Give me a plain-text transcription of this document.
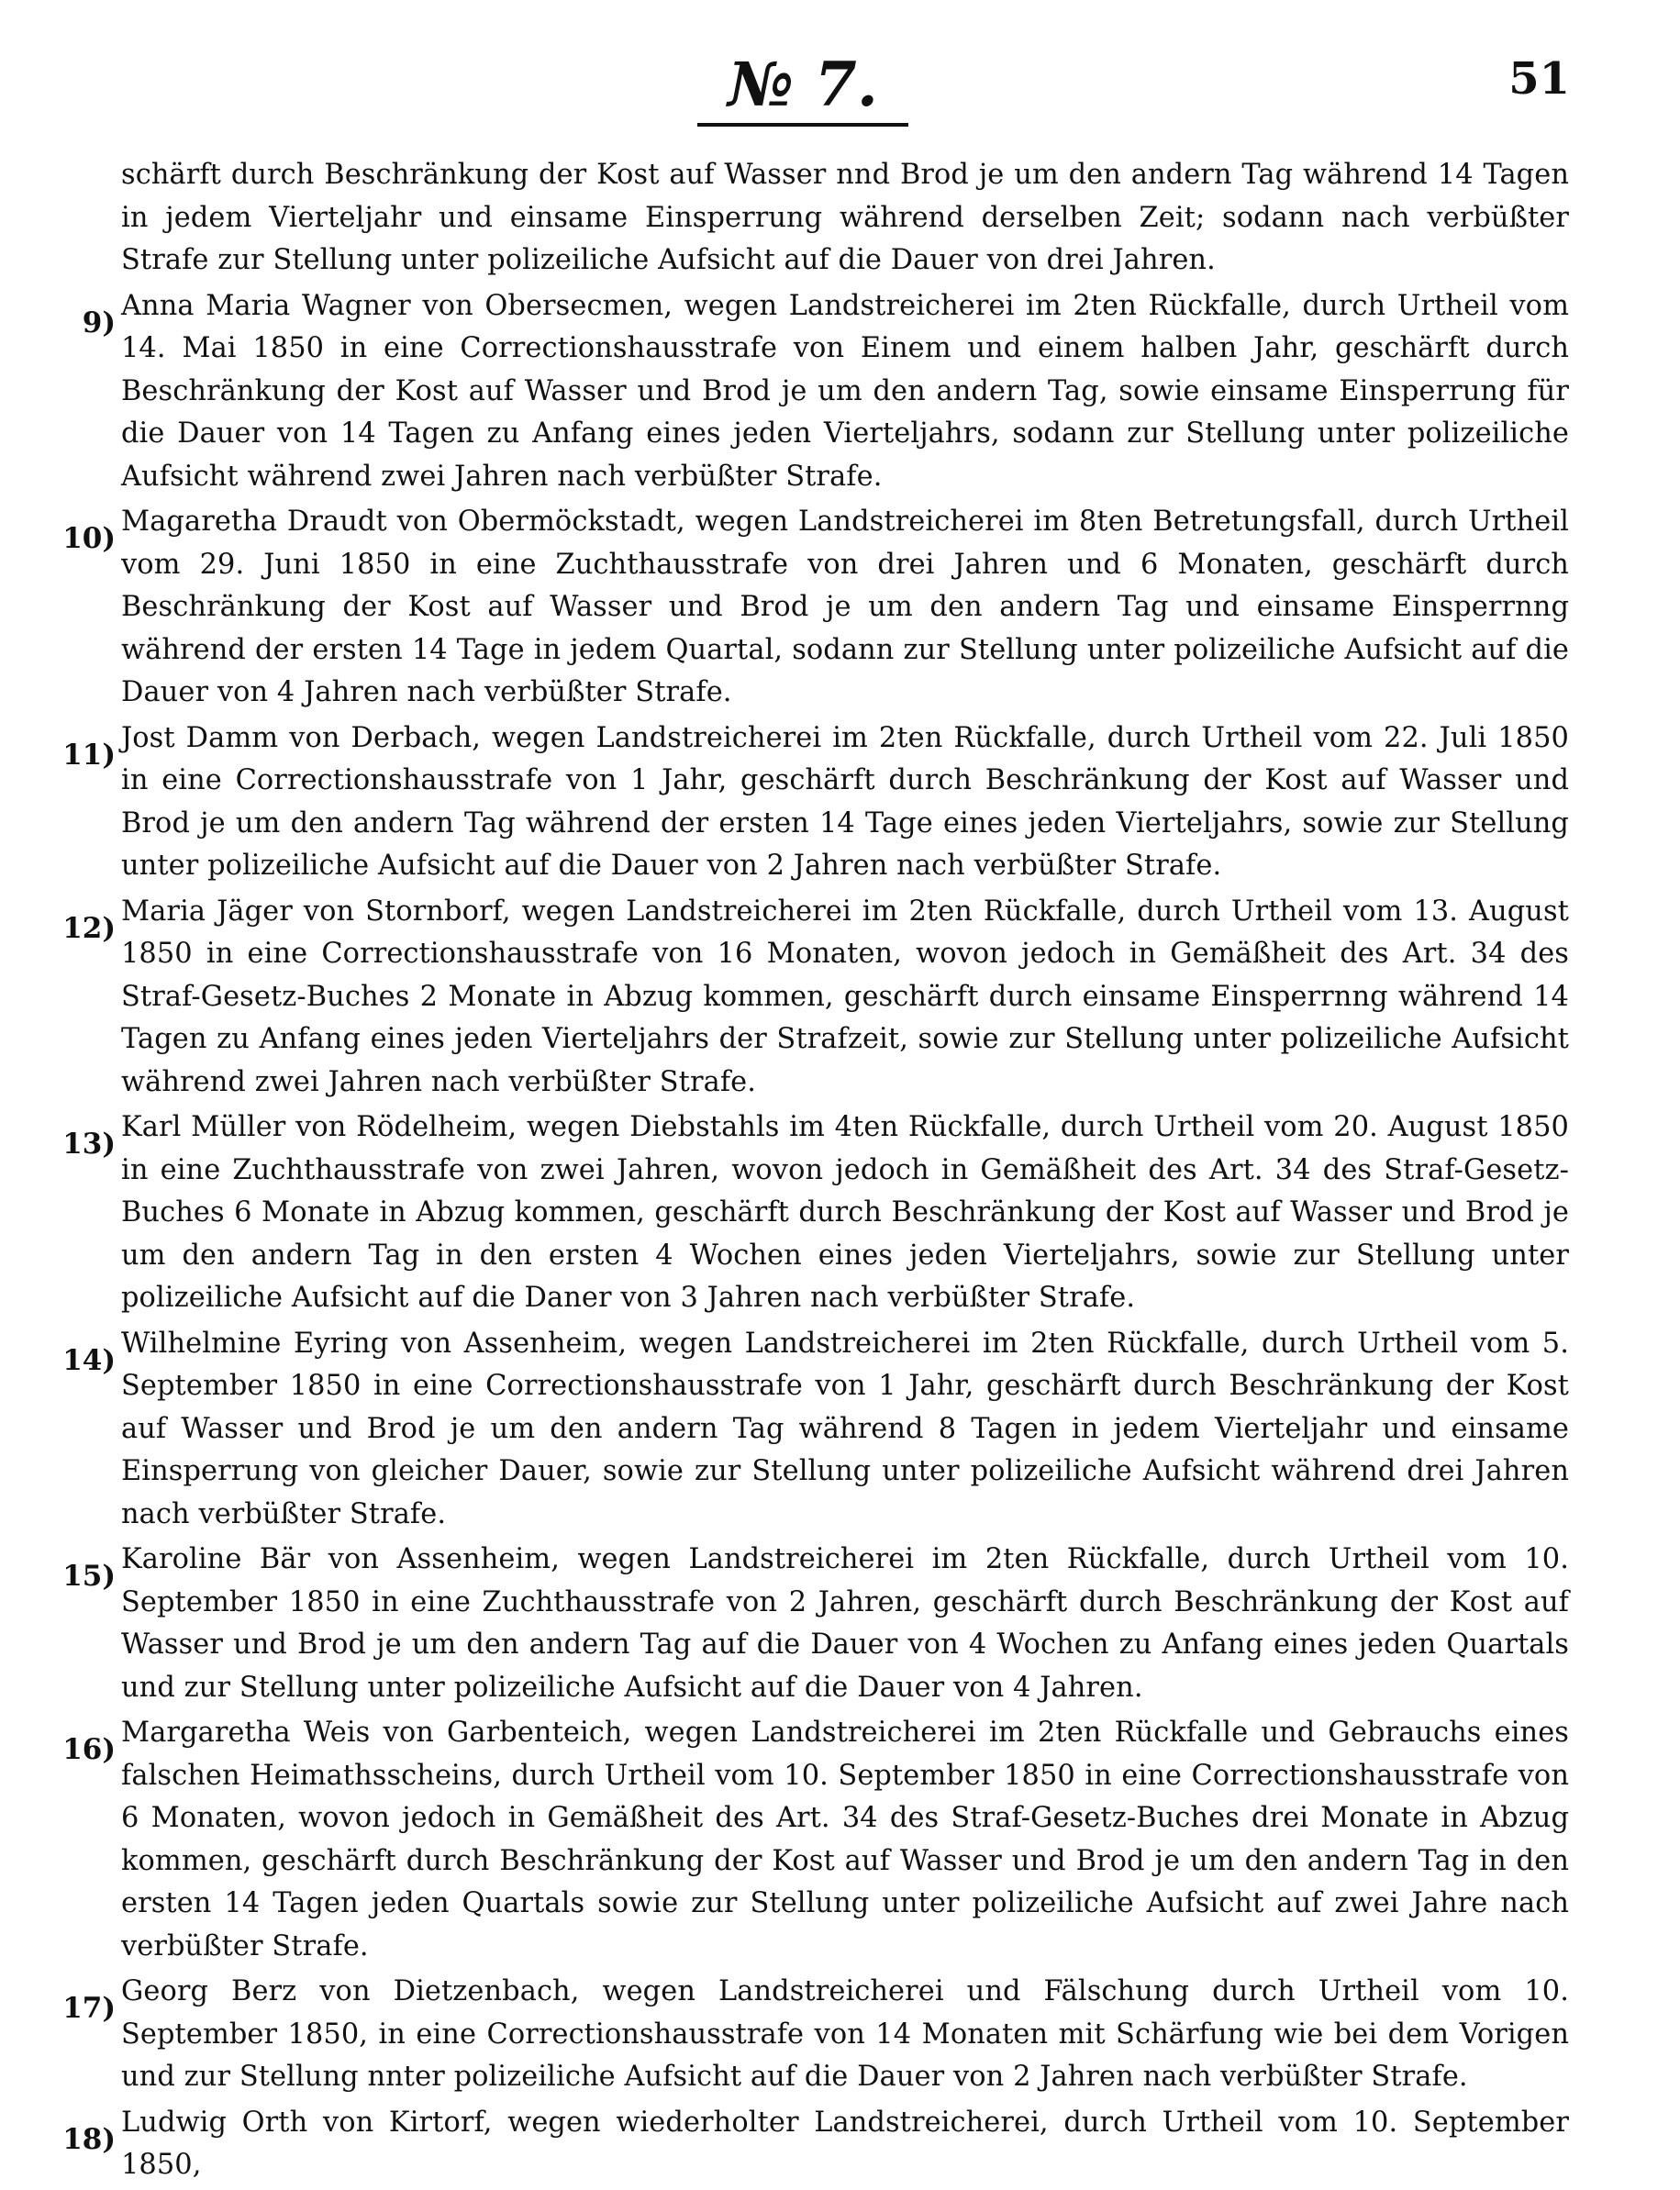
№ 7.	51
schärft durch Beschränkung der Kost auf Wasser nnd Brod je um den andern Tag während 14 Tagen in jedem Vierteljahr und einsame Einsperrung während derselben Zeit; sodann nach verbüßter Strafe zur Stellung unter polizeiliche Aufsicht auf die Dauer von drei Jahren.
9)
Anna Maria Wagner von Obersecmen, wegen Landstreicherei im 2ten Rückfalle, durch Urtheil vom 14. Mai 1850 in eine Correctionshausstrafe von Einem und einem halben Jahr, geschärft durch Beschränkung der Kost auf Wasser und Brod je um den andern Tag, sowie einsame Einsperrung für die Dauer von 14 Tagen zu Anfang eines jeden Vierteljahrs, sodann zur Stellung unter polizeiliche Aufsicht während zwei Jahren nach verbüßter Strafe.
10)
Magaretha Draudt von Obermöckstadt, wegen Landstreicherei im 8ten Betretungsfall, durch Urtheil vom 29. Juni 1850 in eine Zuchthausstrafe von drei Jahren und 6 Monaten, geschärft durch Beschränkung der Kost auf Wasser und Brod je um den andern Tag und einsame Einsperrnng während der ersten 14 Tage in jedem Quartal, sodann zur Stellung unter polizeiliche Aufsicht auf die Dauer von 4 Jahren nach verbüßter Strafe.
11)
Jost Damm von Derbach, wegen Landstreicherei im 2ten Rückfalle, durch Urtheil vom 22. Juli 1850 in eine Correctionshausstrafe von 1 Jahr, geschärft durch Beschränkung der Kost auf Wasser und Brod je um den andern Tag während der ersten 14 Tage eines jeden Vierteljahrs, sowie zur Stellung unter polizeiliche Aufsicht auf die Dauer von 2 Jahren nach verbüßter Strafe.
12)
Maria Jäger von Stornborf, wegen Landstreicherei im 2ten Rückfalle, durch Urtheil vom 13. August 1850 in eine Correctionshausstrafe von 16 Monaten, wovon jedoch in Gemäßheit des Art. 34 des Straf-Gesetz-Buches 2 Monate in Abzug kommen, geschärft durch einsame Einsperrnng während 14 Tagen zu Anfang eines jeden Vierteljahrs der Strafzeit, sowie zur Stellung unter polizeiliche Aufsicht während zwei Jahren nach verbüßter Strafe.
13)
Karl Müller von Rödelheim, wegen Diebstahls im 4ten Rückfalle, durch Urtheil vom 20. August 1850 in eine Zuchthausstrafe von zwei Jahren, wovon jedoch in Gemäßheit des Art. 34 des Straf-Gesetz-Buches 6 Monate in Abzug kommen, geschärft durch Beschränkung der Kost auf Wasser und Brod je um den andern Tag in den ersten 4 Wochen eines jeden Vierteljahrs, sowie zur Stellung unter polizeiliche Aufsicht auf die Daner von 3 Jahren nach verbüßter Strafe.
14)
Wilhelmine Eyring von Assenheim, wegen Landstreicherei im 2ten Rückfalle, durch Urtheil vom 5. September 1850 in eine Correctionshausstrafe von 1 Jahr, geschärft durch Beschränkung der Kost auf Wasser und Brod je um den andern Tag während 8 Tagen in jedem Vierteljahr und einsame Einsperrung von gleicher Dauer, sowie zur Stellung unter polizeiliche Aufsicht während drei Jahren nach verbüßter Strafe.
15)
Karoline Bär von Assenheim, wegen Landstreicherei im 2ten Rückfalle, durch Urtheil vom 10. September 1850 in eine Zuchthausstrafe von 2 Jahren, geschärft durch Beschränkung der Kost auf Wasser und Brod je um den andern Tag auf die Dauer von 4 Wochen zu Anfang eines jeden Quartals und zur Stellung unter polizeiliche Aufsicht auf die Dauer von 4 Jahren.
16)
Margaretha Weis von Garbenteich, wegen Landstreicherei im 2ten Rückfalle und Gebrauchs eines falschen Heimathsscheins, durch Urtheil vom 10. September 1850 in eine Correctionshausstrafe von 6 Monaten, wovon jedoch in Gemäßheit des Art. 34 des Straf-Gesetz-Buches drei Monate in Abzug kommen, geschärft durch Beschränkung der Kost auf Wasser und Brod je um den andern Tag in den ersten 14 Tagen jeden Quartals sowie zur Stellung unter polizeiliche Aufsicht auf zwei Jahre nach verbüßter Strafe.
17)
Georg Berz von Dietzenbach, wegen Landstreicherei und Fälschung durch Urtheil vom 10. September 1850, in eine Correctionshausstrafe von 14 Monaten mit Schärfung wie bei dem Vorigen und zur Stellung nnter polizeiliche Aufsicht auf die Dauer von 2 Jahren nach verbüßter Strafe.
18)
Ludwig Orth von Kirtorf, wegen wiederholter Landstreicherei, durch Urtheil vom 10. September 1850,
